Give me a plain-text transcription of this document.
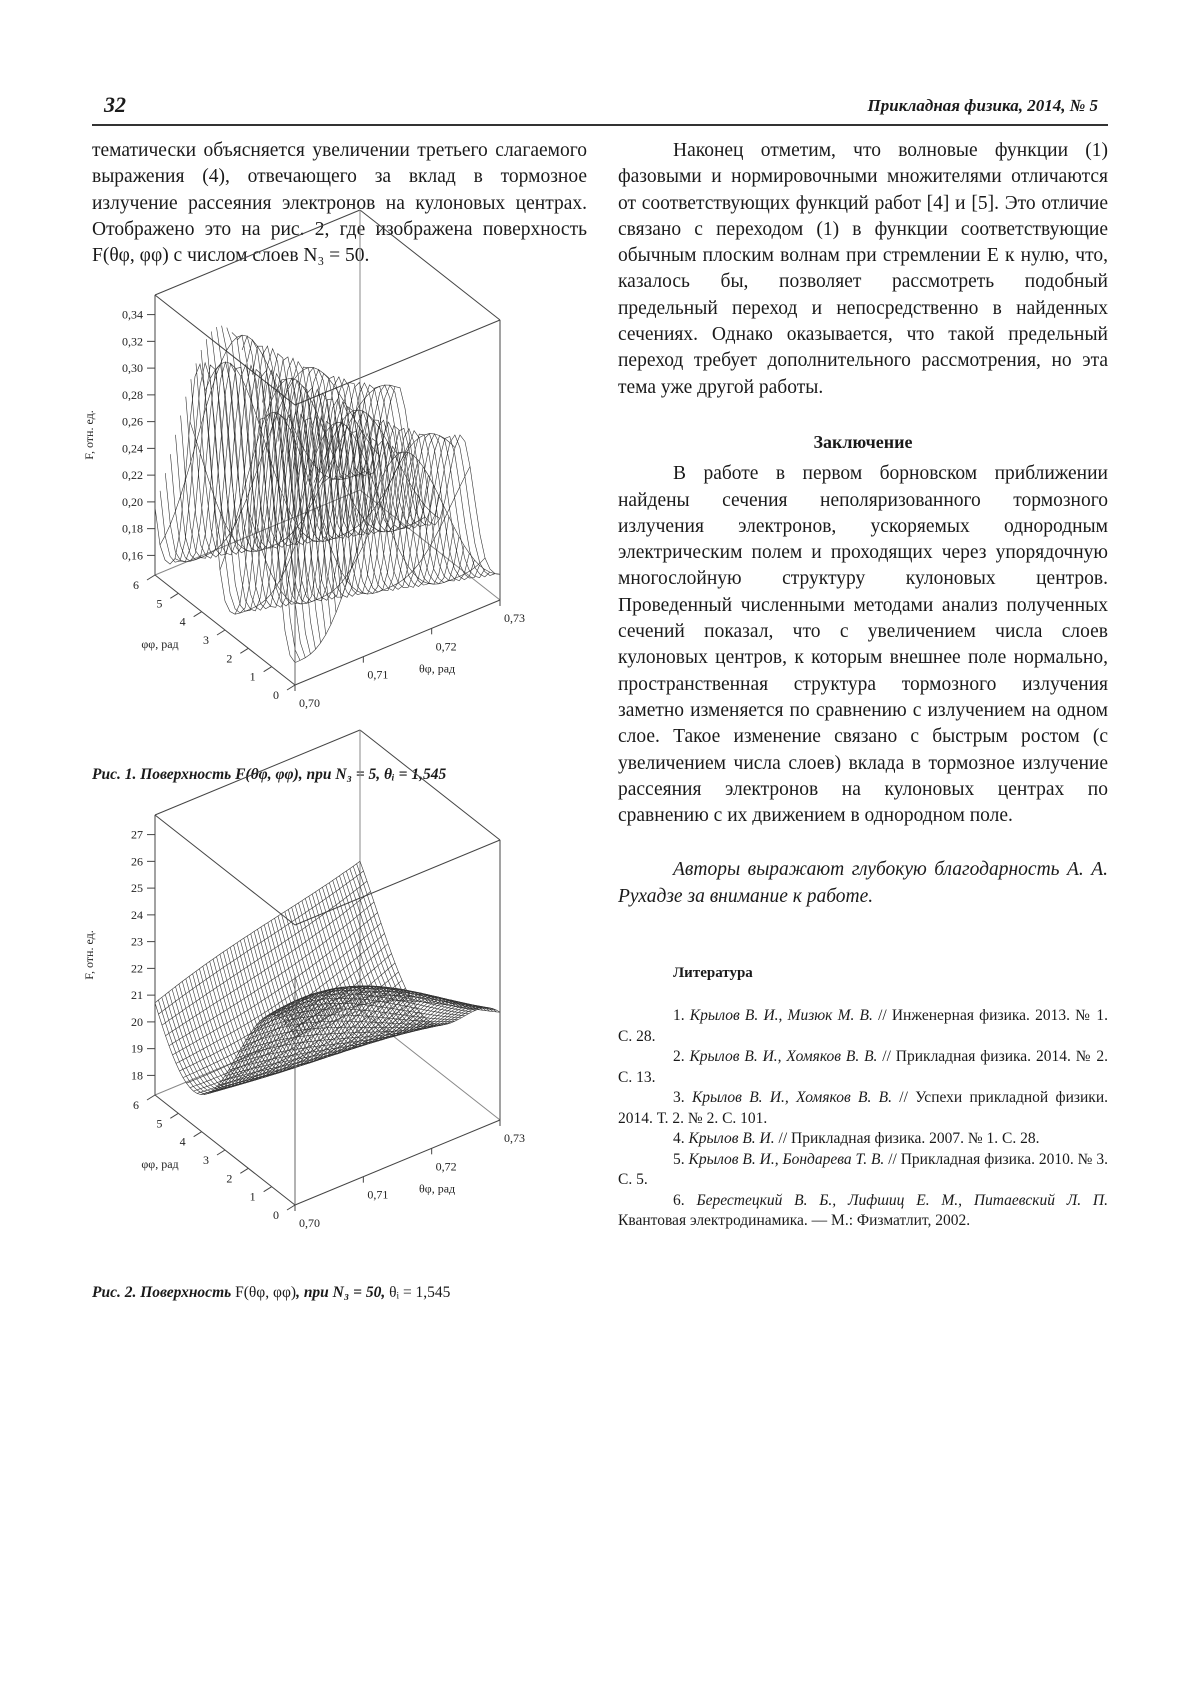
32	Прикладная физика, 2014, № 5

тематически объясняется увеличении третьего слагаемого выражения (4), отвечающего за вклад в тормозное излучение рассеяния электронов на кулоновых центрах. Отображено это на рис. 2, где изображена поверхность F(θφ, φφ) с числом слоев N₃ = 50.

0,34
0,32
0,30
0,28
0,26
0,24
0,22
0,20
0,18
0,16
F, отн. ед.
0
1
2
3
4
5
6
φφ, рад
0,70
0,71
0,72
0,73
θφ, рад
Рис. 1. Поверхность F(θφ, φφ), при N₃ = 5, θᵢ = 1,545
27
26
25
24
23
22
21
20
19
18
F, отн. ед.
0
1
2
3
4
5
6
φφ, рад
0,70
0,71
0,72
0,73
θφ, рад
Рис. 2. Поверхность F(θφ, φφ), при N₃ = 50, θᵢ = 1,545

Наконец отметим, что волновые функции (1) фазовыми и нормировочными множителями отличаются от соответствующих функций работ [4] и [5]. Это отличие связано с переходом (1) в функции соответствующие обычным плоским волнам при стремлении E к нулю, что, казалось бы, позволяет рассмотреть подобный предельный переход и непосредственно в найденных сечениях. Однако оказывается, что такой предельный переход требует дополнительного рассмотрения, но эта тема уже другой работы.

Заключение

В работе в первом борновском приближении найдены сечения неполяризованного тормозного излучения электронов, ускоряемых однородным электрическим полем и проходящих через упорядочную многослойную структуру кулоновых центров. Проведенный численными методами анализ полученных сечений показал, что с увеличением числа слоев кулоновых центров, к которым внешнее поле нормально, пространственная структура тормозного излучения заметно изменяется по сравнению с излучением на одном слое. Такое изменение связано с быстрым ростом (с увеличением числа слоев) вклада в тормозное излучение рассеяния электронов на кулоновых центрах по сравнению с их движением в однородном поле.

Авторы выражают глубокую благодарность А. А. Рухадзе за внимание к работе.

Литература

1. Крылов В. И., Мизюк М. В. // Инженерная физика. 2013. № 1. С. 28.

2. Крылов В. И., Хомяков В. В. // Прикладная физика. 2014. № 2. С. 13.

3. Крылов В. И., Хомяков В. В. // Успехи прикладной физики. 2014. Т. 2. № 2. С. 101.

4. Крылов В. И. // Прикладная физика. 2007. № 1. С. 28.

5. Крылов В. И., Бондарева Т. В. // Прикладная физика. 2010. № 3. С. 5.

6. Берестецкий В. Б., Лифшиц Е. М., Питаевский Л. П. Квантовая электродинамика. — М.: Физматлит, 2002.
